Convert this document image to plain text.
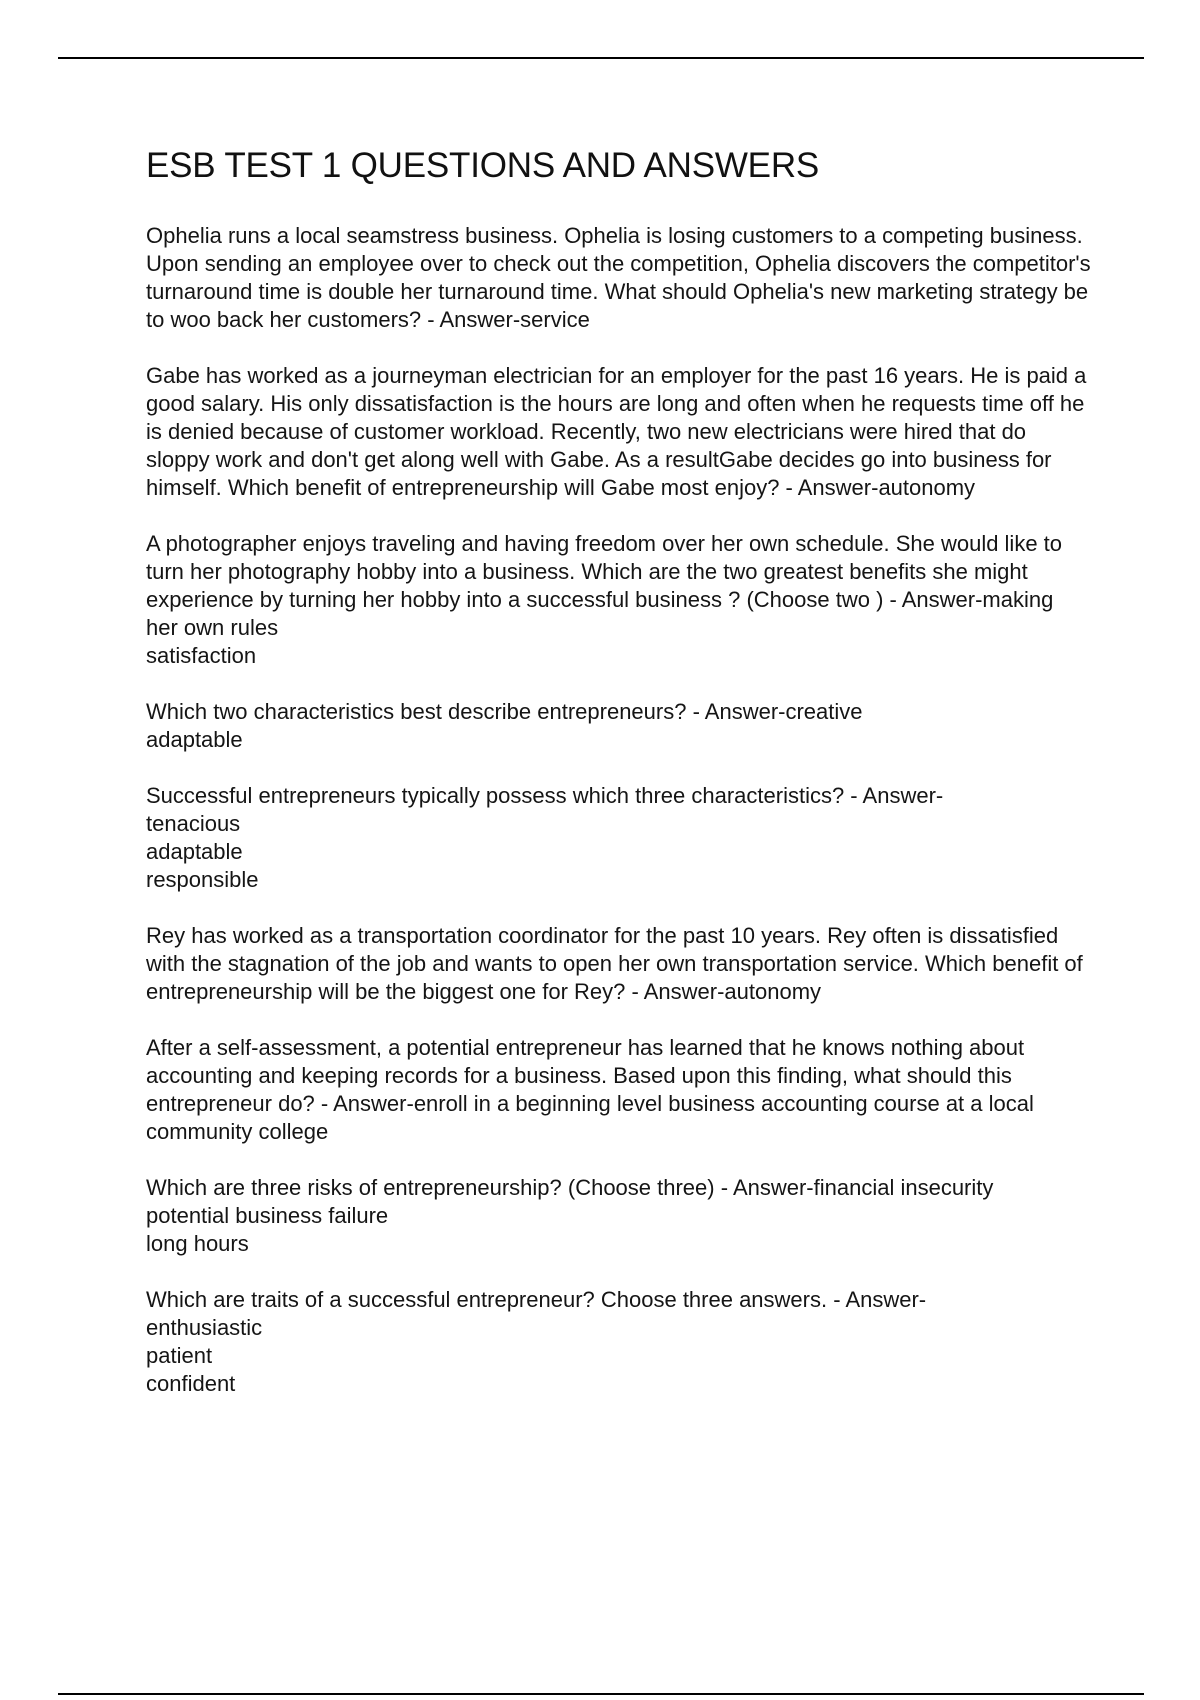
ESB TEST 1 QUESTIONS AND ANSWERS

Ophelia runs a local seamstress business. Ophelia is losing customers to a competing business. Upon sending an employee over to check out the competition, Ophelia discovers the competitor's turnaround time is double her turnaround time. What should Ophelia's new marketing strategy be to woo back her customers? - Answer-service

Gabe has worked as a journeyman electrician for an employer for the past 16 years. He is paid a good salary. His only dissatisfaction is the hours are long and often when he requests time off he is denied because of customer workload. Recently, two new electricians were hired that do sloppy work and don't get along well with Gabe. As a resultGabe decides go into business for himself. Which benefit of entrepreneurship will Gabe most enjoy? - Answer-autonomy

A photographer enjoys traveling and having freedom over her own schedule. She would like to turn her photography hobby into a business. Which are the two greatest benefits she might experience by turning her hobby into a successful business ? (Choose two ) - Answer-making her own rules
satisfaction

Which two characteristics best describe entrepreneurs? - Answer-creative
adaptable

Successful entrepreneurs typically possess which three characteristics? - Answer-
tenacious
adaptable
responsible

Rey has worked as a transportation coordinator for the past 10 years. Rey often is dissatisfied with the stagnation of the job and wants to open her own transportation service. Which benefit of entrepreneurship will be the biggest one for Rey? - Answer-autonomy

After a self-assessment, a potential entrepreneur has learned that he knows nothing about accounting and keeping records for a business. Based upon this finding, what should this entrepreneur do? - Answer-enroll in a beginning level business accounting course at a local community college

Which are three risks of entrepreneurship? (Choose three) - Answer-financial insecurity
potential business failure
long hours

Which are traits of a successful entrepreneur? Choose three answers. - Answer-
enthusiastic
patient
confident
